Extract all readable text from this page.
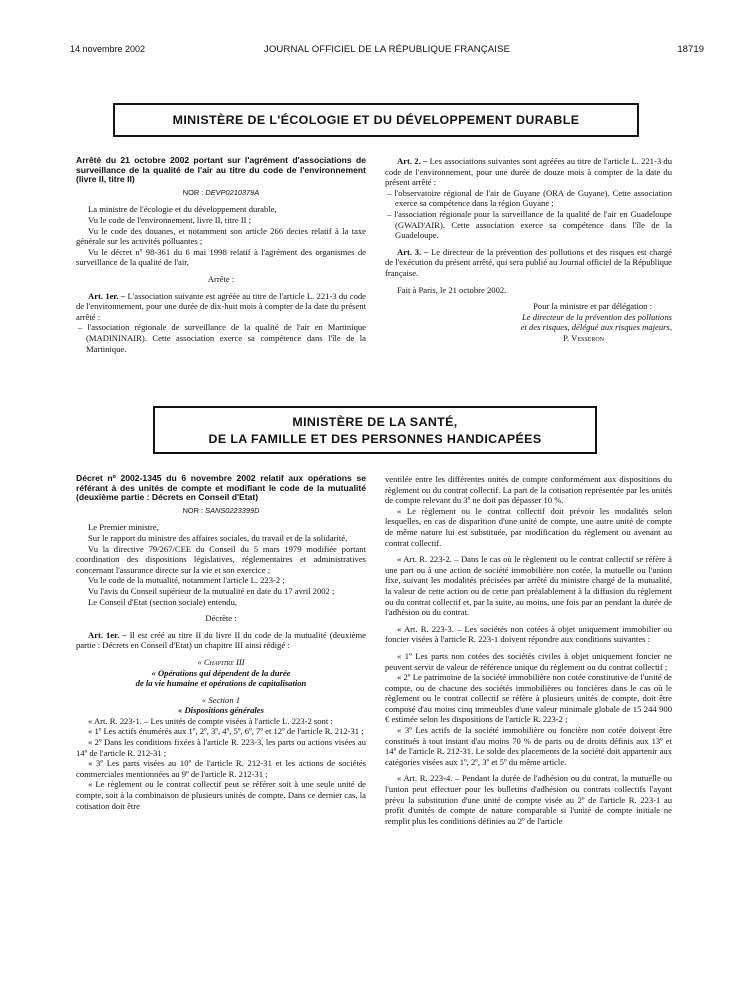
14 novembre 2002	JOURNAL OFFICIEL DE LA RÉPUBLIQUE FRANÇAISE	18719
MINISTÈRE DE L'ÉCOLOGIE ET DU DÉVELOPPEMENT DURABLE

Arrêté du 21 octobre 2002 portant sur l'agrément d'associations de surveillance de la qualité de l'air au titre du code de l'environnement (livre II, titre II)

NOR : DEVP0210379A

La ministre de l'écologie et du développement durable,

Vu le code de l'environnement, livre II, titre II ;

Vu le code des douanes, et notamment son article 266 decies relatif à la taxe générale sur les activités polluantes ;

Vu le décret nº 98-361 du 6 mai 1998 relatif à l'agrément des organismes de surveillance de la qualité de l'air,

Arrête :

Art. 1er. – L'association suivante est agréée au titre de l'article L. 221-3 du code de l'environnement, pour une durée de dix-huit mois à compter de la date du présent arrêté :

– l'association régionale de surveillance de la qualité de l'air en Martinique (MADININAIR). Cette association exerce sa compétence dans l'île de la Martinique.

Art. 2. – Les associations suivantes sont agréées au titre de l'article L. 221-3 du code de l'environnement, pour une durée de douze mois à compter de la date du présent arrêté :

– l'observatoire régional de l'air de Guyane (ORA de Guyane). Cette association exerce sa compétence dans la région Guyane ;

– l'association régionale pour la surveillance de la qualité de l'air en Guadeloupe (GWAD'AIR). Cette association exerce sa compétence dans l'île de la Guadeloupe.

Art. 3. – Le directeur de la prévention des pollutions et des risques est chargé de l'exécution du présent arrêté, qui sera publié au Journal officiel de la République française.

Fait à Paris, le 21 octobre 2002.

Pour la ministre et par délégation :

Le directeur de la prévention des pollutions

et des risques, délégué aux risques majeurs,

P. Vesseron

MINISTÈRE DE LA SANTÉ,
DE LA FAMILLE ET DES PERSONNES HANDICAPÉES

Décret nº 2002-1345 du 6 novembre 2002 relatif aux opérations se référant à des unités de compte et modifiant le code de la mutualité (deuxième partie : Décrets en Conseil d'Etat)

NOR : SANS0223399D

Le Premier ministre,

Sur le rapport du ministre des affaires sociales, du travail et de la solidarité,

Vu la directive 79/267/CEE du Conseil du 5 mars 1979 modifiée portant coordination des dispositions législatives, réglementaires et administratives concernant l'assurance directe sur la vie et son exercice ;

Vu le code de la mutualité, notamment l'article L. 223-2 ;

Vu l'avis du Conseil supérieur de la mutualité en date du 17 avril 2002 ;

Le Conseil d'Etat (section sociale) entendu,

Décrète :

Art. 1er. – Il est créé au titre II du livre II du code de la mutualité (deuxième partie : Décrets en Conseil d'Etat) un chapitre III ainsi rédigé :

« Chapitre III

« Opérations qui dépendent de la durée

de la vie humaine et opérations de capitalisation

« Section 1

« Dispositions générales

« Art. R. 223-1. – Les unités de compte visées à l'article L. 223-2 sont :

« 1º Les actifs énumérés aux 1º, 2º, 3º, 4º, 5º, 6º, 7º et 12º de l'article R. 212-31 ;

« 2º Dans les conditions fixées à l'article R. 223-3, les parts ou actions visées au 14º de l'article R. 212-31 ;

« 3º Les parts visées au 10º de l'article R. 212-31 et les actions de sociétés commerciales mentionnées au 9º de l'article R. 212-31 ;

« Le règlement ou le contrat collectif peut se référer soit à une seule unité de compte, soit à la combinaison de plusieurs unités de compte. Dans ce dernier cas, la cotisation doit être

ventilée entre les différentes unités de compte conformément aux dispositions du règlement ou du contrat collectif. La part de la cotisation représentée par les unités de compte relevant du 3º ne doit pas dépasser 10 %.

« Le règlement ou le contrat collectif doit prévoir les modalités selon lesquelles, en cas de disparition d'une unité de compte, une autre unité de compte de même nature lui est substituée, par modification du règlement ou avenant au contrat collectif.

« Art. R. 223-2. – Dans le cas où le règlement ou le contrat collectif se réfère à une part ou à une action de société immobilière non cotée, la mutuelle ou l'union fixe, suivant les modalités précisées par arrêté du ministre chargé de la mutualité, la valeur de cette action ou de cette part préalablement à la diffusion du règlement ou du contrat collectif et, par la suite, au moins, une fois par an pendant la durée de l'adhésion ou du contrat.

« Art. R. 223-3. – Les sociétés non cotées à objet uniquement immobilier ou foncier visées à l'article R. 223-1 doivent répondre aux conditions suivantes :

« 1º Les parts non cotées des sociétés civiles à objet uniquement foncier ne peuvent servir de valeur de référence unique du règlement ou du contrat collectif ;

« 2º Le patrimoine de la société immobilière non cotée constitutive de l'unité de compte, ou de chacune des sociétés immobilières ou foncières dans le cas où le règlement ou le contrat collectif se réfère à plusieurs unités de compte, doit être composé d'au moins cinq immeubles d'une valeur minimale globale de 15 244 900 € estimée selon les dispositions de l'article R. 223-2 ;

« 3º Les actifs de la société immobilière ou foncière non cotée doivent être constitués à tout instant d'au moins 70 % de parts ou de droits définis aux 13º et 14º de l'article R. 212-31. Le solde des placements de la société doit appartenir aux catégories visées aux 1º, 2º, 3º et 5º du même article.

« Art. R. 223-4. – Pendant la durée de l'adhésion ou du contrat, la mutuelle ou l'union peut effectuer pour les bulletins d'adhésion ou contrats collectifs l'ayant prévu la substitution d'une unité de compte visée au 2º de l'article R. 223-1 au profit d'unités de compte de nature comparable si l'unité de compte initiale ne remplit plus les conditions définies au 2º de l'article
